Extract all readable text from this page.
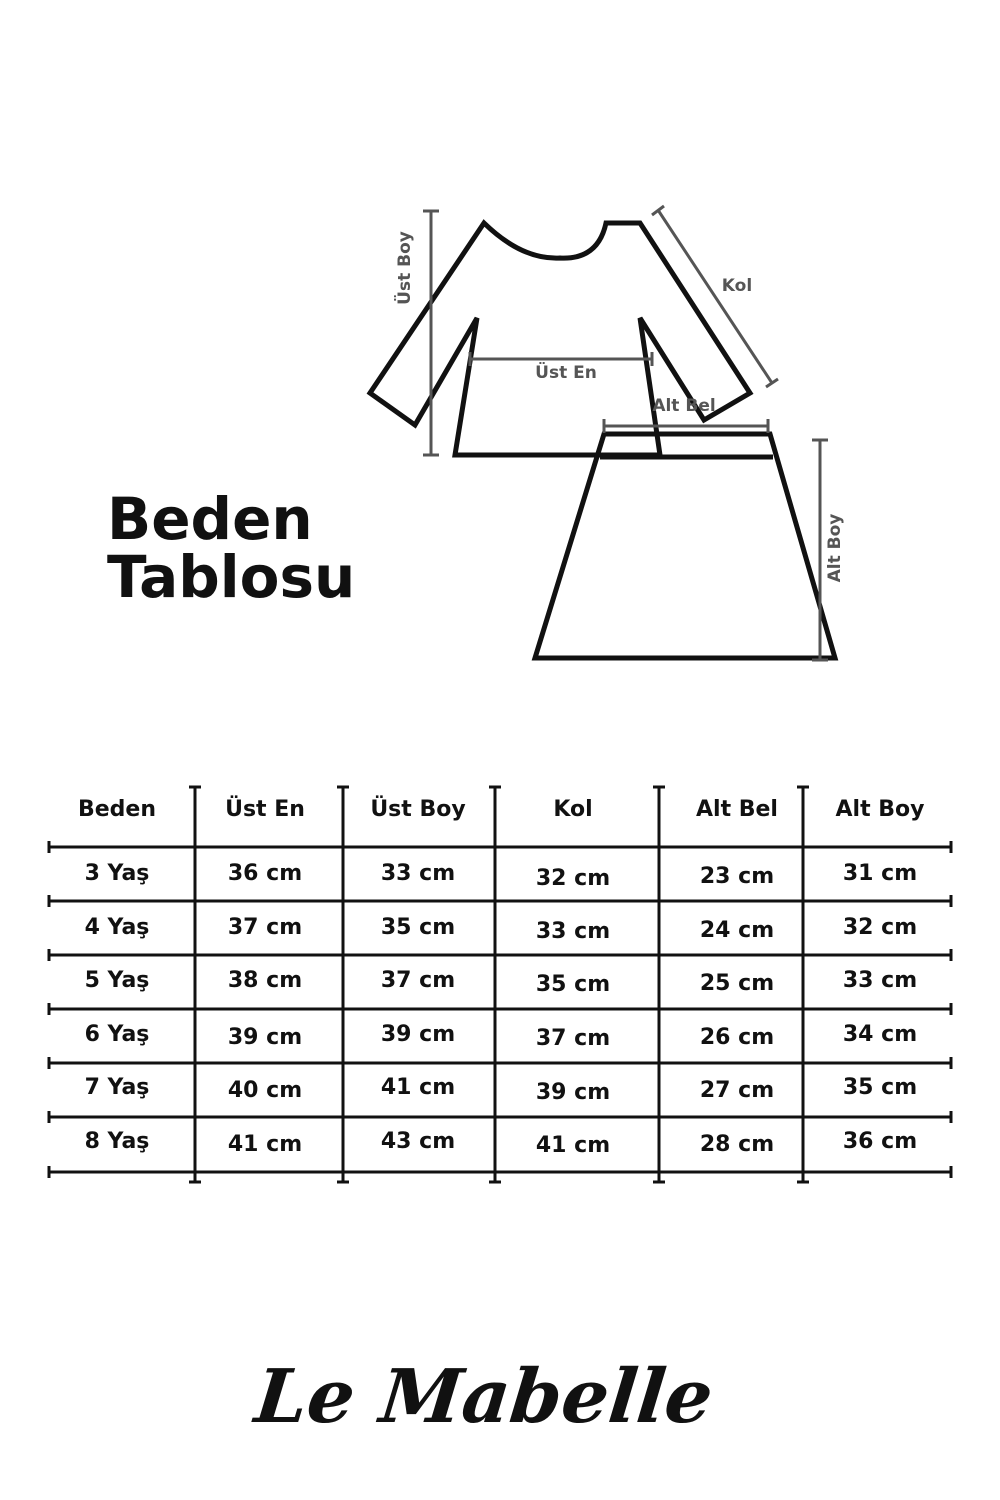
Beden
Tablosu
Üst Boy	Kol
Üst En
Alt Bel
Alt Boy
Beden	Üst En	Üst Boy	Kol	Alt Bel	Alt Boy
3 Yaş	36 cm	33 cm	32 cm	23 cm	31 cm
4 Yaş	37 cm	35 cm	33 cm	24 cm	32 cm
5 Yaş	38 cm	37 cm	35 cm	25 cm	33 cm
6 Yaş	39 cm	39 cm	37 cm	26 cm	34 cm
7 Yaş	40 cm	41 cm	39 cm	27 cm	35 cm
8 Yaş	41 cm	43 cm	41 cm	28 cm	36 cm
Le Mabelle
